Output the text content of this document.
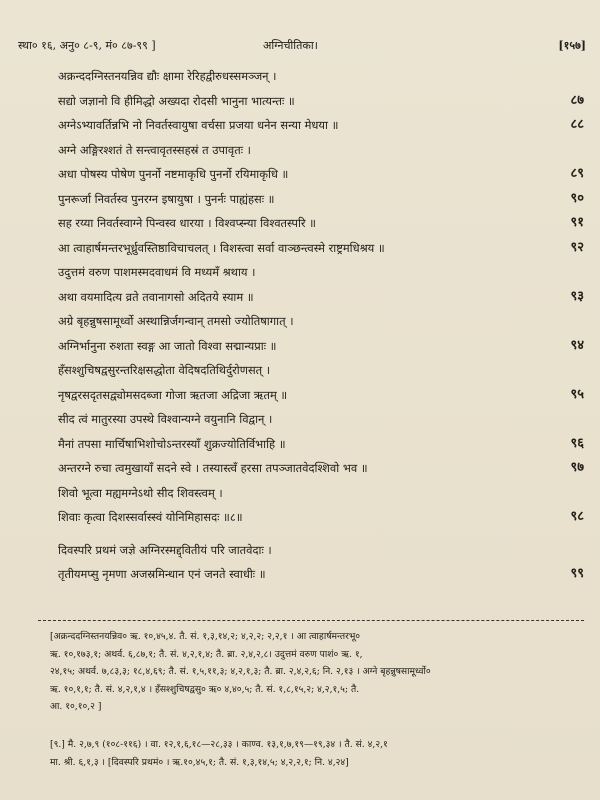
स्था० १६, अनु० ८-९, मं० ८७-९९ ]	अग्निचीतिका।	[१५७]
अक्रन्ददग्निस्तनयन्निव द्यौः क्षामा रेरिहद्वीरुधस्समञ्जन् ।
सद्यो जज्ञानो वि हीमिद्धो अख्यदा रोदसी भानुना भात्यन्तः ॥	८७
अग्नेऽभ्यावर्तिन्नभि नो निवर्तस्वायुषा वर्चसा प्रजया धनेन सन्या मेधया ॥	८८
अग्ने अङ्गिरश्शतं ते सन्त्वावृतस्सहस्रं त उपावृतः ।
अधा पोषस्य पोषेण पुनर्नो नष्टमाकृधि पुनर्नो रयिमाकृधि ॥	८९
पुनरूर्जा निवर्तस्व पुनरग्न इषायुषा । पुनर्नः पाह्यंहसः ॥	९०
सह रय्या निवर्तस्वाग्ने पिन्वस्व धारया । विश्वप्स्न्या विश्वतस्परि ॥	९१
आ त्वाहार्षमन्तरभूर्ध्रुवस्तिष्ठाविचाचलत् । विशस्त्वा सर्वा वाञ्छन्त्वस्मे राष्ट्रमधिश्रय ॥	९२
उदुत्तमं वरुण पाशमस्मदवाधमं वि मध्यमँ श्रथाय ।
अथा वयमादित्य व्रते तवानागसो अदितये स्याम ॥	९३
अग्रे बृहन्नुषसामूर्ध्वो अस्थान्निर्जगन्वान् तमसो ज्योतिषागात् ।
अग्निर्भानुना रुशता स्वङ्ग आ जातो विश्वा सद्मान्यप्राः ॥	९४
हँसश्शुचिषद्वसुरन्तरिक्षसद्धोता वेदिषदतिथिर्दुरोणसत् ।
नृषद्वरसदृतसद्व्योमसदब्जा गोजा ऋतजा अद्रिजा ऋतम् ॥	९५
सीद त्वं मातुरस्या उपस्थे विश्वान्यग्ने वयुनानि विद्वान् ।
मैनां तपसा मार्चिषाभिशोचोऽन्तरस्याँ शुक्रज्योतिर्विभाहि ॥	९६
अन्तरग्ने रुचा त्वमुखायाँ सदने स्वे । तस्यास्त्वँ हरसा तपञ्जातवेदश्शिवो भव ॥	९७
शिवो भूत्वा मह्यमग्नेऽथो सीद शिवस्त्वम् ।
शिवाः कृत्वा दिशस्सर्वास्स्वं योनिमिहासदः ॥८॥	९८
दिवस्परि प्रथमं जज्ञे अग्निरस्मद्द्वितीयं परि जातवेदाः ।
तृतीयमप्सु नृमणा अजस्रमिन्धान एनं जनते स्वाधीः ॥	९९

[अक्रन्ददग्निस्तनयन्निव० ऋ. १०,४५,४. तै. सं. १,३,१४,२; ४,२,२; २,२,१ । आ त्वाहार्षमन्तरभू०

ऋ. १०,१७३,१; अथर्व. ६,८७,१; तै. सं. ४,२,१,४; तै. ब्रा. २,४,२,८। उदुत्तमं वरुण पाशं० ऋ. १,

२४,१५; अथर्व. ७,८३,३; १८,४,६९; तै. सं. १,५,११,३; ४,२,१,३; तै. ब्रा. २,४,२,६; नि. २,१३ । अग्ने बृहन्नुषसामूर्ध्वो०

ऋ. १०,१,१; तै. सं. ४,२,१,४ । हँसश्शुचिषद्वसु० ऋ० ४,४०,५; तै. सं. १,८,१५,२; ४,२,१,५; तै.

आ. १०,१०,२ ]

[९.] मै. २,७,९ (१०८-११६) । वा. १२,१,६,१८—२८,३३ । काण्व. १३,१,७,१९—१९,३४ । तै. सं. ४,२,१

मा. श्री. ६,१,३ । [दिवस्परि प्रथमं० । ऋ.१०,४५,१; तै. सं. १,३,१४,५; ४,२,२,१; नि. ४,२४]
